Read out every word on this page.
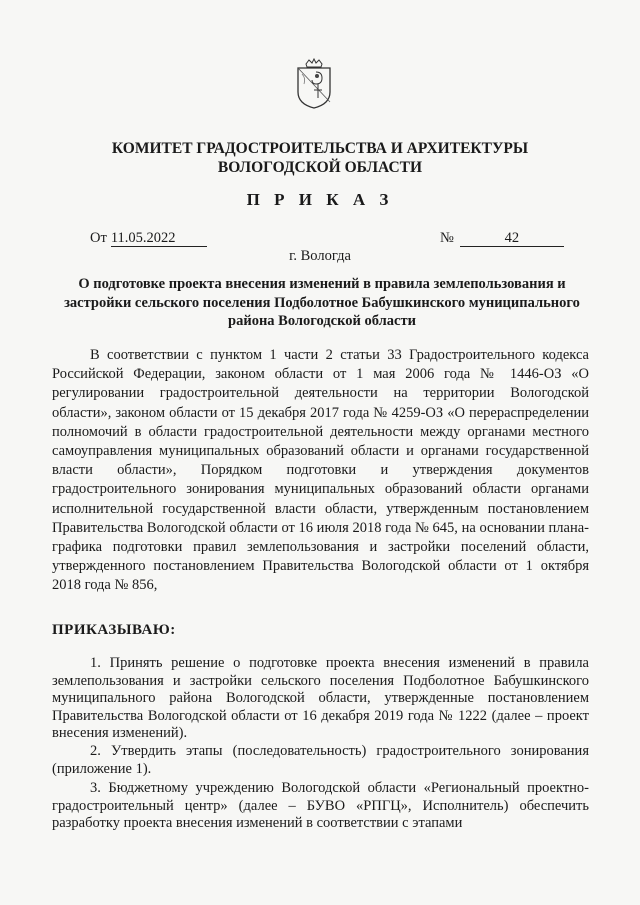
КОМИТЕТ ГРАДОСТРОИТЕЛЬСТВА И АРХИТЕКТУРЫ
ВОЛОГОДСКОЙ ОБЛАСТИ
П Р И К А З
От 11.05.2022	№	42
г. Вологда
О подготовке проекта внесения изменений в правила землепользования и застройки сельского поселения Подболотное Бабушкинского муниципального района Вологодской области

В соответствии с пунктом 1 части 2 статьи 33 Градостроительного кодекса Российской Федерации, законом области от 1 мая 2006 года № 1446-ОЗ «О регулировании градостроительной деятельности на территории Вологодской области», законом области от 15 декабря 2017 года № 4259-ОЗ «О перераспределении полномочий в области градостроительной деятельности между органами местного самоуправления муниципальных образований области и органами государственной власти области», Порядком подготовки и утверждения документов градостроительного зонирования муниципальных образований области органами исполнительной государственной власти области, утвержденным постановлением Правительства Вологодской области от 16 июля 2018 года № 645, на основании плана-графика подготовки правил землепользования и застройки поселений области, утвержденного постановлением Правительства Вологодской области от 1 октября 2018 года № 856,

ПРИКАЗЫВАЮ:

1. Принять решение о подготовке проекта внесения изменений в правила землепользования и застройки сельского поселения Подболотное Бабушкинского муниципального района Вологодской области, утвержденные постановлением Правительства Вологодской области от 16 декабря 2019 года № 1222 (далее – проект внесения изменений).

2. Утвердить этапы (последовательность) градостроительного зонирования (приложение 1).

3. Бюджетному учреждению Вологодской области «Региональный проектно-градостроительный центр» (далее – БУВО «РПГЦ», Исполнитель) обеспечить разработку проекта внесения изменений в соответствии с этапами
